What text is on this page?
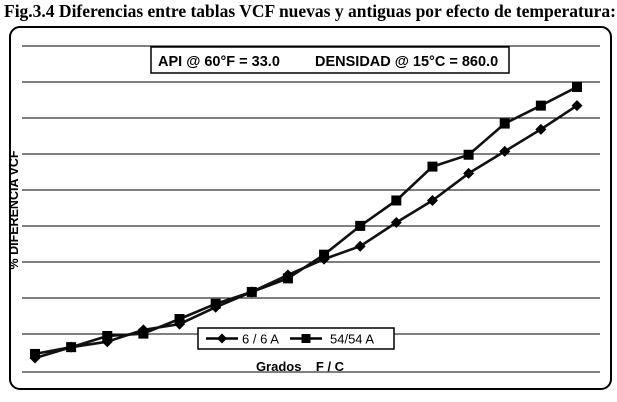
Fig.3.4 Diferencias entre tablas VCF nuevas y antiguas por efecto de temperatura:
API @ 60°F = 33.0 DENSIDAD @ 15°C = 860.0
% DIFERENCIA VCF
6 / 6 A	54/54 A
Grados    F / C
